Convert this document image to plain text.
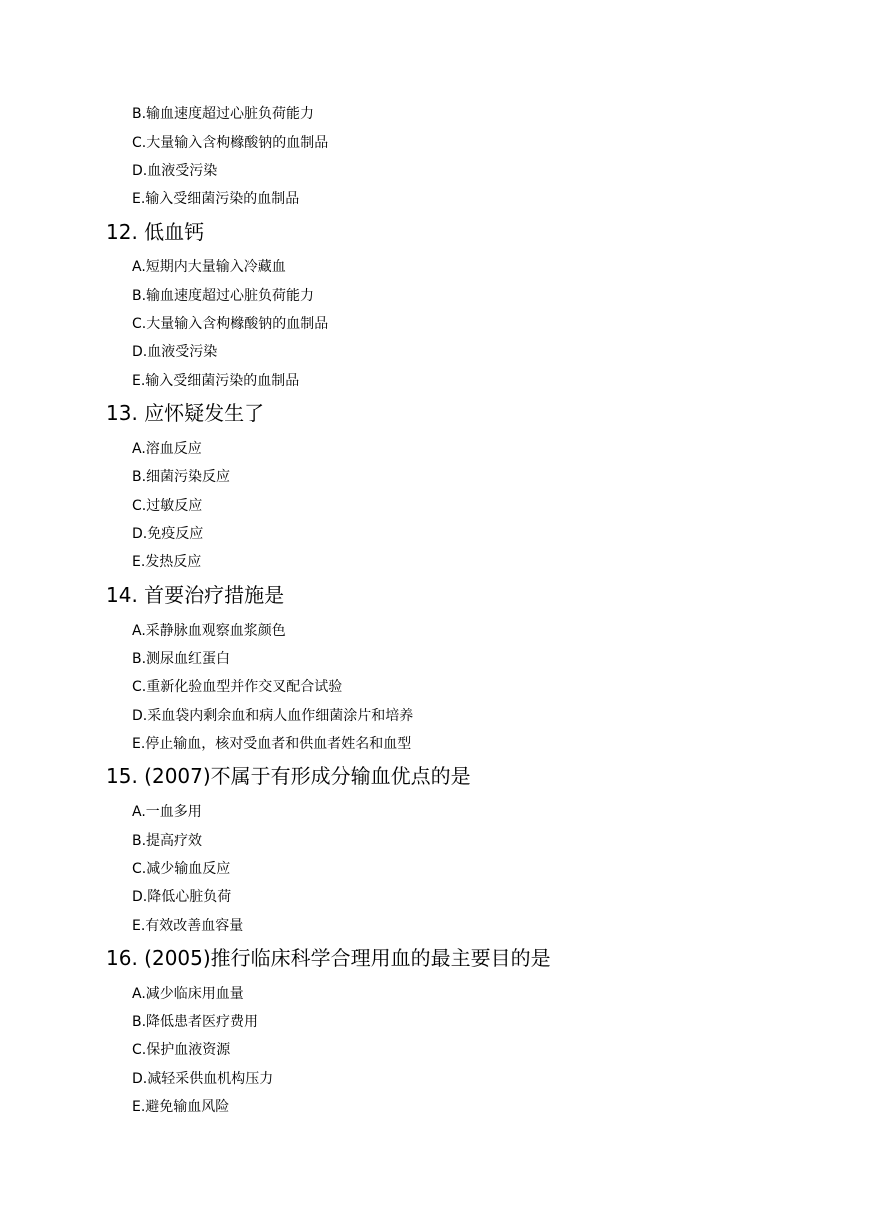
B.输血速度超过心脏负荷能力
C.大量输入含枸橼酸钠的血制品
D.血液受污染
E.输入受细菌污染的血制品
12. 低血钙
A.短期内大量输入冷藏血
B.输血速度超过心脏负荷能力
C.大量输入含枸橼酸钠的血制品
D.血液受污染
E.输入受细菌污染的血制品
13. 应怀疑发生了
A.溶血反应
B.细菌污染反应
C.过敏反应
D.免疫反应
E.发热反应
14. 首要治疗措施是
A.采静脉血观察血浆颜色
B.测尿血红蛋白
C.重新化验血型并作交叉配合试验
D.采血袋内剩余血和病人血作细菌涂片和培养
E.停止输血，核对受血者和供血者姓名和血型
15. (2007)不属于有形成分输血优点的是
A.一血多用
B.提高疗效
C.减少输血反应
D.降低心脏负荷
E.有效改善血容量
16. (2005)推行临床科学合理用血的最主要目的是
A.减少临床用血量
B.降低患者医疗费用
C.保护血液资源
D.减轻采供血机构压力
E.避免输血风险
